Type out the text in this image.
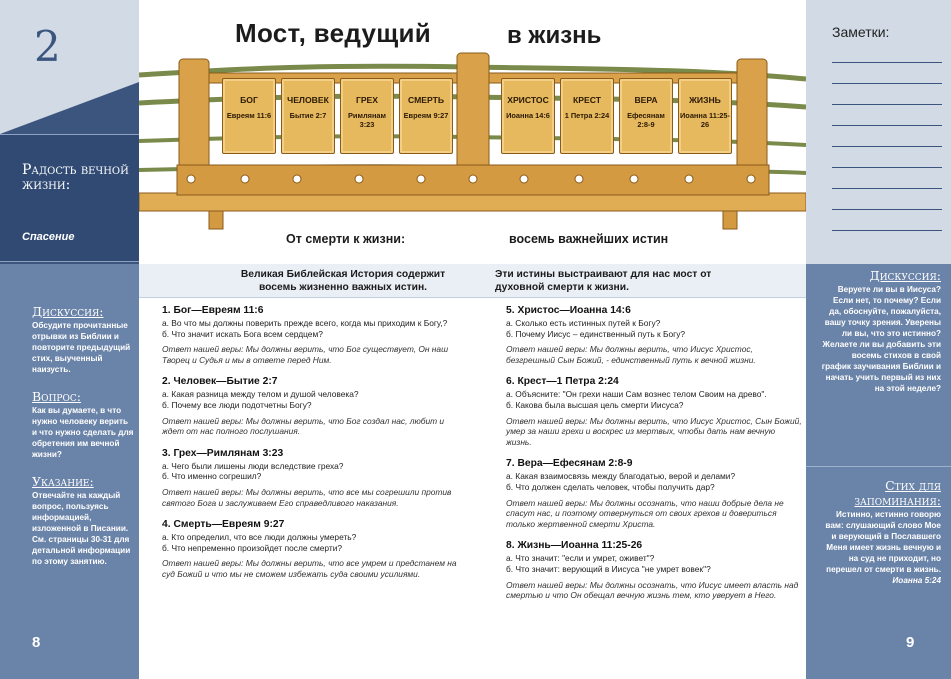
2
Радость вечной жизни:
Спасение
Дискуссия:
Обсудите прочитанные отрывки из Библии и повторите предыдущий стих, выученный наизусть.
Вопрос:
Как вы думаете, в что нужно человеку верить и что нужно сделать для обретения им вечной жизни?
Указание:
Отвечайте на каждый вопрос, пользуясь информацией, изложенной в Писании. См. страницы 30-31 для детальной информации по этому занятию.
8
Заметки:
Дискуссия:
Веруете ли вы в Иисуса? Если нет, то почему? Если да, обоснуйте, пожалуйста, вашу точку зрения. Уверены ли вы, что это истинно? Желаете ли вы добавить эти восемь стихов в свой график заучивания Библии и начать учить первый из них на этой неделе?
Стих для запоминания:
Истинно, истинно говорю вам: слушающий слово Мое и верующий в Пославшего Меня имеет жизнь вечную и на суд не приходит, но перешел от смерти в жизнь.
Иоанна 5:24
9
Мост, ведущий	в жизнь
БОГ
Евреям 11:6
ЧЕЛОВЕК
Бытие 2:7
ГРЕХ
Римлянам 3:23
СМЕРТЬ
Евреям 9:27
ХРИСТОС
Иоанна 14:6
КРЕСТ
1 Петра 2:24
ВЕРА
Ефесянам 2:8-9
ЖИЗНЬ
Иоанна 11:25-26
От смерти к жизни:	восемь важнейших истин
Великая Библейская История содержит восемь жизненно важных истин.
Эти истины выстраивают для нас мост от духовной смерти к жизни.
1. Бог—Евреям 11:6
а. Во что мы должны поверить прежде всего, когда мы приходим к Богу,?
б. Что значит искать Бога всем сердцем?
Ответ нашей веры: Мы должны верить, что Бог существует, Он наш Творец и Судья и мы в ответе перед Ним.
2. Человек—Бытие 2:7
а. Какая разница между телом и душой человека?
б. Почему все люди подотчетны Богу?
Ответ нашей веры: Мы должны верить, что Бог создал нас, любит и ждет от нас полного послушания.
3. Грех—Римлянам 3:23
а. Чего были лишены люди вследствие греха?
б. Что именно согрешил?
Ответ нашей веры: Мы должны верить, что все мы согрешили против святого Бога и заслуживаем Его справедливого наказания.
4. Смерть—Евреям 9:27
а. Кто определил, что все люди должны умереть?
б. Что непременно произойдет после смерти?
Ответ нашей веры: Мы должны верить, что все умрем и предстанем на суд Божий и что мы не сможем избежать суда своими усилиями.
5. Христос—Иоанна 14:6
а. Сколько есть истинных путей к Богу?
б. Почему Иисус – единственный путь к Богу?
Ответ нашей веры: Мы должны верить, что Иисус Христос, безгрешный Сын Божий, - единственный путь к вечной жизни.
6. Крест—1 Петра 2:24
а. Объясните: "Он грехи наши Сам вознес телом Своим на древо".
б. Какова была высшая цель смерти Иисуса?
Ответ нашей веры: Мы должны верить, что Иисус Христос, Сын Божий, умер за наши грехи и воскрес из мертвых, чтобы дать нам вечную жизнь.
7. Вера—Ефесянам 2:8-9
а. Какая взаимосвязь между благодатью, верой и делами?
б. Что должен сделать человек, чтобы получить дар?
Ответ нашей веры: Мы должны осознать, что наши добрые дела не спасут нас, и поэтому отвернуться от своих грехов и довериться только жертвенной смерти Христа.
8. Жизнь—Иоанна 11:25-26
а. Что значит: "если и умрет, оживет"?
б. Что значит: верующий в Иисуса "не умрет вовек"?
Ответ нашей веры: Мы должны осознать, что Иисус имеет власть над смертью и что Он обещал вечную жизнь тем, кто уверует в Него.
